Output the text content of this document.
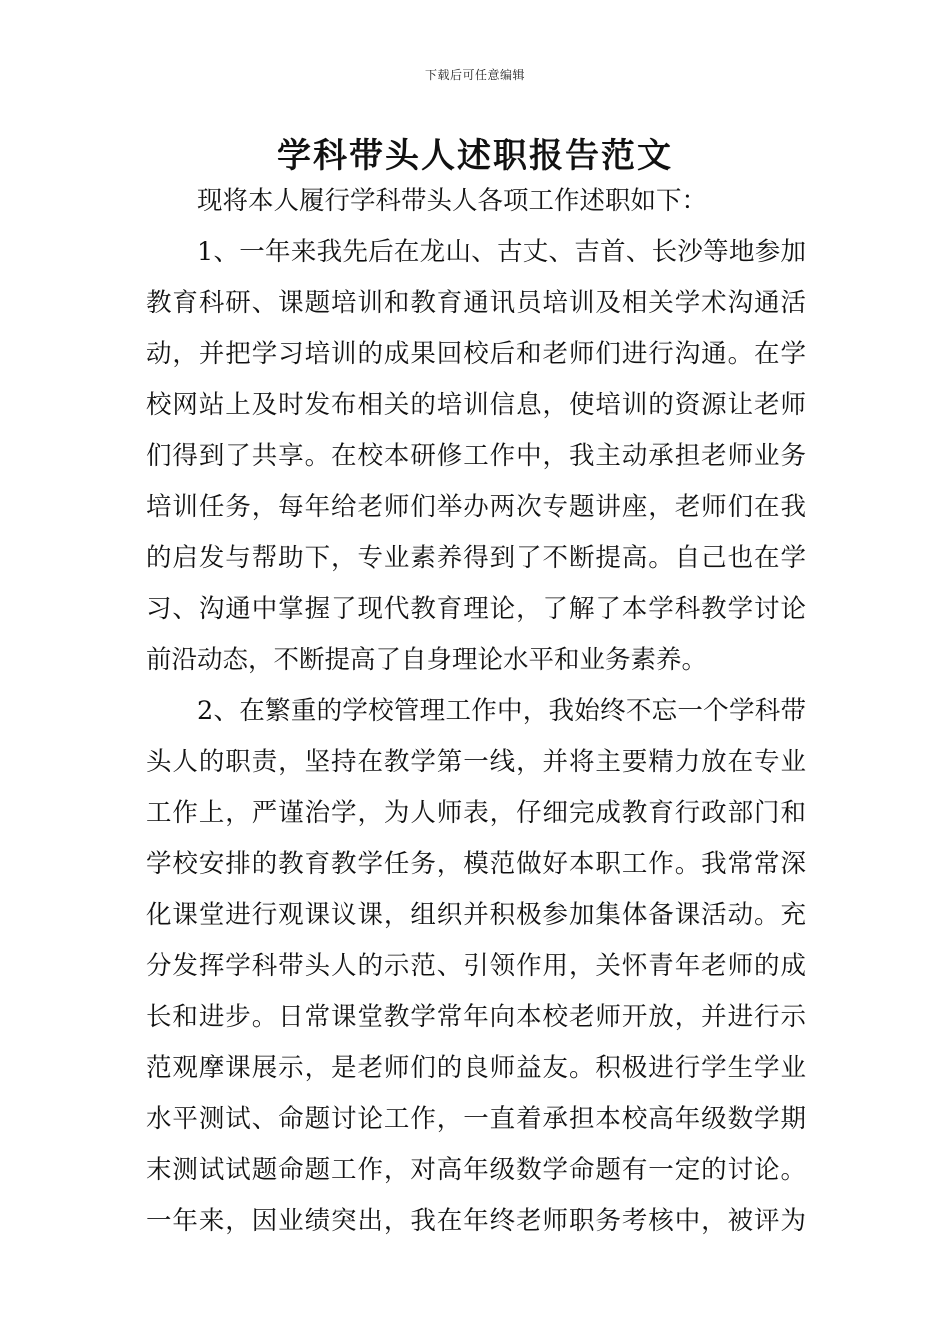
下载后可任意编辑
学科带头人述职报告范文

现将本人履行学科带头人各项工作述职如下：

1、一年来我先后在龙山、古丈、吉首、长沙等地参加教育科研、课题培训和教育通讯员培训及相关学术沟通活动，并把学习培训的成果回校后和老师们进行沟通。在学校网站上及时发布相关的培训信息，使培训的资源让老师们得到了共享。在校本研修工作中，我主动承担老师业务培训任务，每年给老师们举办两次专题讲座，老师们在我的启发与帮助下，专业素养得到了不断提高。自己也在学习、沟通中掌握了现代教育理论，了解了本学科教学讨论前沿动态，不断提高了自身理论水平和业务素养。

2、在繁重的学校管理工作中，我始终不忘一个学科带头人的职责，坚持在教学第一线，并将主要精力放在专业工作上，严谨治学，为人师表，仔细完成教育行政部门和学校安排的教育教学任务，模范做好本职工作。我常常深化课堂进行观课议课，组织并积极参加集体备课活动。充分发挥学科带头人的示范、引领作用，关怀青年老师的成长和进步。日常课堂教学常年向本校老师开放，并进行示范观摩课展示，是老师们的良师益友。积极进行学生学业水平测试、命题讨论工作，一直着承担本校高年级数学期末测试试题命题工作，对高年级数学命题有一定的讨论。一年来，因业绩突出，我在年终老师职务考核中，被评为
